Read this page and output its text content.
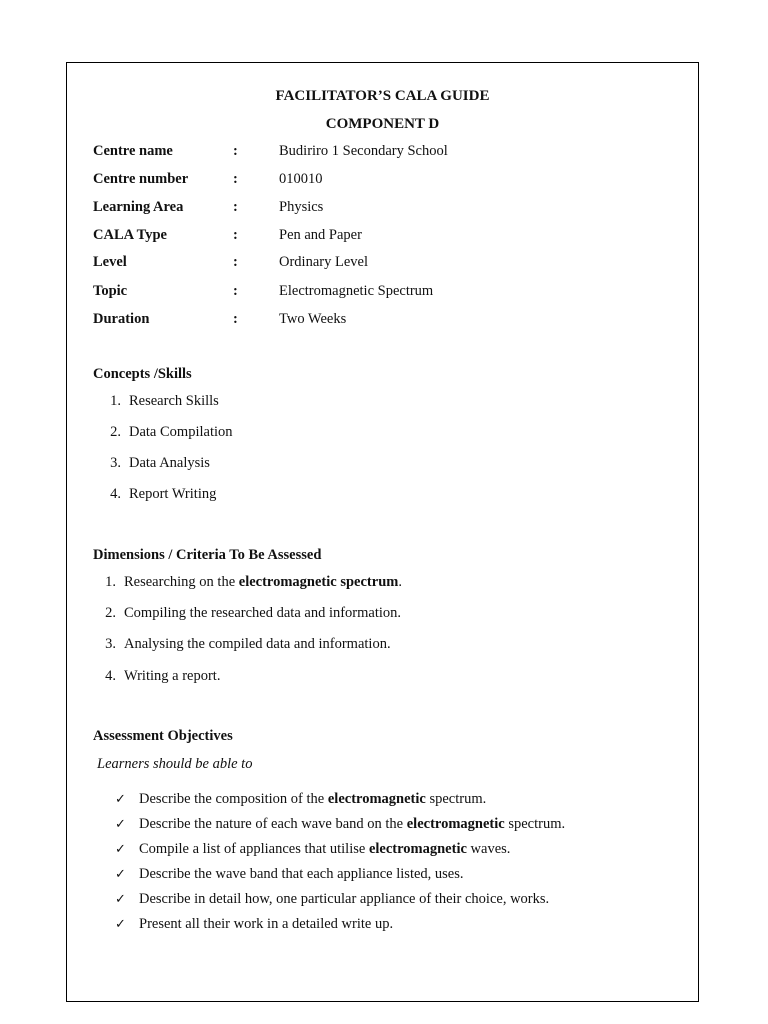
FACILITATOR’S CALA GUIDE
COMPONENT D
Centre name	:	Budiriro 1 Secondary School
Centre number	:	010010
Learning Area	:	Physics
CALA Type	:	Pen and Paper
Level	:	Ordinary Level
Topic	:	Electromagnetic Spectrum
Duration	:	Two Weeks
Concepts /Skills
1. Research Skills
2. Data Compilation
3. Data Analysis
4. Report Writing
Dimensions / Criteria To Be Assessed
1. Researching on the electromagnetic spectrum.
2. Compiling the researched data and information.
3. Analysing the compiled data and information.
4. Writing a report.
Assessment Objectives
Learners should be able to
✓ Describe the composition of the electromagnetic spectrum.
✓ Describe the nature of each wave band on the electromagnetic spectrum.
✓ Compile a list of appliances that utilise electromagnetic waves.
✓ Describe the wave band that each appliance listed, uses.
✓ Describe in detail how, one particular appliance of their choice, works.
✓ Present all their work in a detailed write up.
